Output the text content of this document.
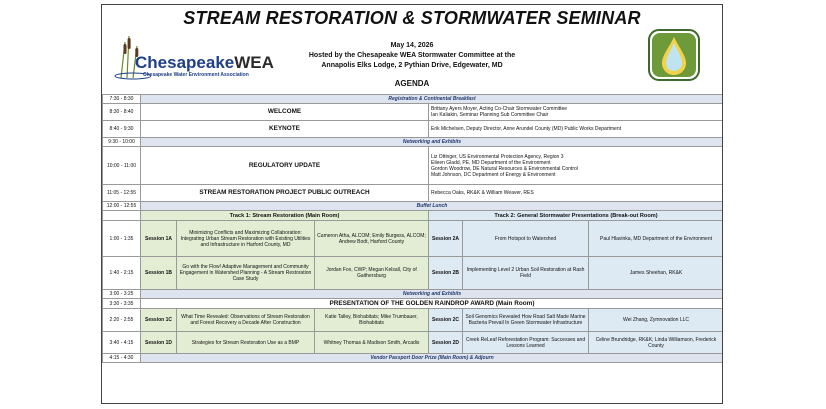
STREAM RESTORATION & STORMWATER SEMINAR
ChesapeakeWEA
Chesapeake Water Environment Association
May 14, 2026
Hosted by the Chesapeake WEA Stormwater Committee at the
Annapolis Elks Lodge, 2 Pythian Drive, Edgewater, MD
AGENDA
7:30 - 8:30	Registration & Continental Breakfast					
8:30 - 8:40	WELCOME			Brittany Ayers Moyer, Acting Co-Chair Stormwater Committee
Ian Kaliakin, Seminar Planning Sub Committee Chair		

8:40 - 9:30	KEYNOTE			Erik Michelsen, Deputy Director, Anne Arundel County (MD) Public Works Department		

9:30 - 10:00	Networking and Exhibits					
10:00 - 11:00	REGULATORY UPDATE			Liz Ottinger, US Environmental Protection Agency, Region 3
Eileen Gladd, PE, MD Department of the Environment
Gordon Woodrow, DE Natural Resources & Environmental Control
Matt Johnson, DC Department of Energy & Environment		

11:05 - 12:55	STREAM RESTORATION PROJECT PUBLIC OUTREACH			Rebecca Oaks, RK&K & William Weaver, RES		

12:00 - 12:55	Buffet Lunch					
	Track 1: Stream Restoration (Main Room)			Track 2: General Stormwater Presentations (Break-out Room)		
1:00 - 1:35	Session 1A	Minimizing Conflicts and Maximizing Collaboration: Integrating Urban Stream Restoration with Existing Utilities and Infrastructure in Harford County, MD	Cameron Atha, ALCOM; Emily Burgess, ALCOM; Andrew Bodt, Harford County	Session 2A	From Hotspot to Watershed	Paul Hlavinka, MD Department of the Environment
1:40 - 2:15	Session 1B	Go with the Flow! Adaptive Management and Community Engagement in Watershed Planning - A Stream Restoration Case Study	Jordan Fox, CWP; Megan Kelsall, City of Gaithersburg	Session 2B	Implementing Level 2 Urban Soil Restoration at Rash Field	James Sheehan, RK&K
3:00 - 3:25	Networking and Exhibits					
3:30 - 3:35	PRESENTATION OF THE GOLDEN RAINDROP AWARD (Main Room)					
2:20 - 2:55	Session 1C	What Time Revealed: Observations of Stream Restoration and Forest Recovery a Decade After Construction	Katie Talley, Biohabitats; Mike Trumbauer, Biohabitats	Session 2C	Soil Genomics Revealed How Road Salt Made Marine Bacteria Prevail In Green Stormwater Infrastructure	Wei Zhang, Zymnovation LLC
3:40 - 4:15	Session 1D	Strategies for Stream Restoration Use as a BMP	Whitney Thomas & Madison Smith, Arcadis	Session 2D	Creek ReLeaf Reforestation Program: Successes and Lessons Learned	Celine Brundridge, RK&K; Linda Williamson, Frederick County
4:15 - 4:30	Vendor Passport Door Prize (Main Room) & Adjourn					
